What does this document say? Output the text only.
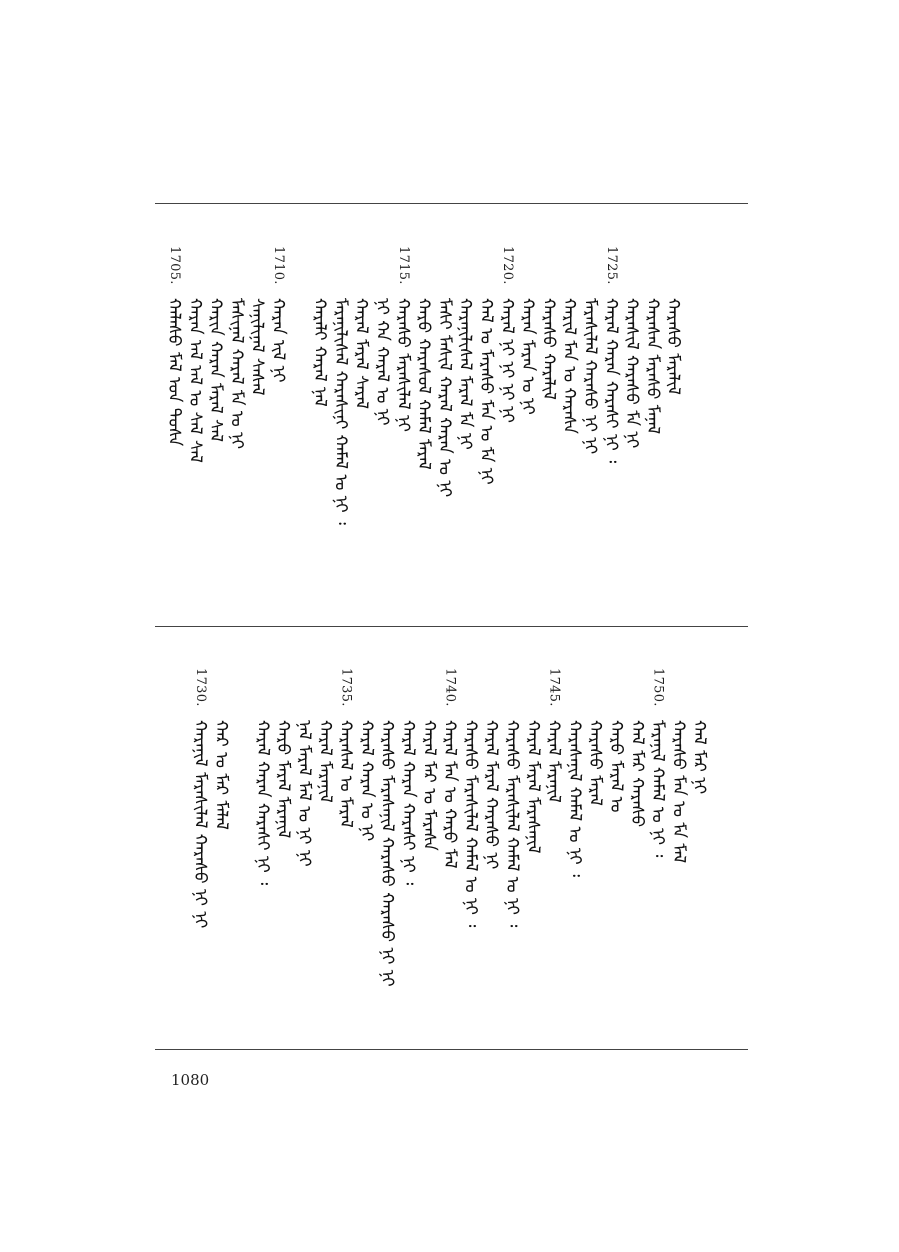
1705.
ᠬᠠᠯᠠᠰᠤ ᠮᠠᠯ ᠤᠨ ᠳᠤᠰᠠ ᠬᠠᠷᠠᠨ ᠠᠯ ᠠᠯ ᠤ ᠰᠠᠯ ᠰᠠᠯ ᠬᠠᠷᠢᠨ ᠬᠠᠷᠠᠨ ᠮᠠᠷᠠᠯ ᠰᠠᠯ ᠮᠠᠰᠢᠨᠠᠯ ᠬᠠᠷᠠᠯ ᠮᠠ ᠤ ᠨᠢ ᠰᠠᠨᠢᠯᠢᠨᠠᠯ ᠰᠠᠰᠠᠯ
1710.
ᠬᠠᠷᠠᠨ ᠢᠯ ᠨᠢ ᠬᠠᠷᠠᠯᠢ ᠬᠠᠷᠠᠯ ᠨᠠᠯ ᠮᠠᠷᠠᠨᠢᠯᠢᠰᠠᠯ ᠬᠠᠷᠠᠰᠢᠨᠢ ᠬᠠᠮᠠᠯ ᠤ ᠨᠢ ᠄ ᠬᠠᠷᠠᠯ ᠮᠠᠷᠠᠯ ᠰᠠᠷᠠᠯ ᠨᠢ ᠬᠠ ᠬᠠᠷᠠᠯ ᠤ ᠨᠢ
1715.
ᠬᠠᠷᠠᠰᠤ ᠮᠠᠷᠠᠰᠢᠯᠠᠯ ᠨᠢ ᠬᠠᠷᠤ ᠬᠠᠷᠠᠰᠤᠯ ᠬᠠᠮᠠᠯ ᠮᠠᠷᠠᠯ ᠮᠠᠰᠢ ᠮᠠᠰᠢᠯ ᠬᠠᠷᠠᠯ ᠬᠠᠷᠠᠨ ᠤ ᠨᠢ ᠬᠠᠷᠠᠨᠢᠯᠢᠰᠠᠯ ᠮᠠᠷᠠᠯ ᠮᠠ ᠨᠢ ᠬᠠᠯ ᠣ ᠮᠠᠷᠠᠰᠤ ᠮᠠᠨ ᠤ ᠮᠠ ᠨᠢ
1720.
ᠬᠠᠷᠠᠯ ᠨᠢ ᠨᠢ ᠨᠢ ᠨᠢ ᠬᠠᠷᠠᠨ ᠮᠠᠷᠠᠨ ᠤ ᠨᠢ ᠬᠠᠷᠠᠰᠤ ᠬᠠᠷᠠᠯᠢᠯ ᠬᠠᠷᠢᠯ ᠮᠠᠨ ᠤ ᠬᠠᠷᠠᠰᠠ ᠮᠠᠷᠠᠰᠢᠯᠠᠯ ᠬᠠᠷᠠᠰᠤ ᠨᠢ ᠨᠢ
1725.
ᠬᠠᠷᠠᠯ ᠬᠠᠷᠠᠨ ᠬᠠᠷᠠᠰᠢ ᠨᠢ ᠄ ᠬᠠᠷᠠᠰᠢᠯ ᠬᠠᠷᠠᠰᠤ ᠮᠠ ᠨᠢ ᠬᠠᠷᠠᠰᠠᠨ ᠮᠠᠷᠠᠰᠤ ᠮᠠᠨᠠᠯ ᠬᠠᠷᠠᠰᠤ ᠮᠠᠷᠠᠯᠢᠯ
1730.
ᠬᠠᠷᠠᠨᠢᠯ ᠮᠠᠷᠠᠰᠢᠯᠠᠯ ᠬᠠᠷᠠᠰᠤ ᠨᠢ ᠨᠢ ᠬᠠᠷ ᠤ ᠮᠠᠷ ᠮᠠᠯᠠᠯ ᠬᠠᠷᠠᠯ ᠬᠠᠷᠠᠨ ᠬᠠᠷᠠᠰᠢ ᠨᠢ ᠄ ᠬᠠᠷᠤ ᠮᠠᠷᠠᠯ ᠮᠠᠷᠠᠨᠢᠯ ᠨᠠᠯ ᠮᠠᠷᠠᠯ ᠮᠠᠯ ᠤ ᠨᠢ ᠨᠢ ᠬᠠᠷᠠᠯ ᠮᠠᠷᠠᠨᠢᠯ
1735.
ᠬᠠᠷᠠᠰᠠᠯ ᠤ ᠮᠠᠷᠠᠯ ᠬᠠᠷᠠᠯ ᠬᠠᠷᠠᠨ ᠤ ᠨᠢ ᠬᠠᠷᠠᠰᠤ ᠮᠠᠷᠠᠰᠠᠨᠢᠯ ᠬᠠᠷᠠᠰᠤ ᠬᠠᠷᠠᠰᠤ ᠨᠢ ᠨᠢ ᠬᠠᠷᠠᠯ ᠬᠠᠷᠠᠨ ᠬᠠᠷᠠᠰᠢ ᠨᠢ ᠄ ᠬᠠᠷᠠᠯ ᠮᠠᠷ ᠤ ᠮᠠᠷᠠᠰᠠ
1740.
ᠬᠠᠷᠠᠯ ᠮᠠᠨ ᠤ ᠬᠠᠷᠤ ᠮᠠᠯ ᠬᠠᠷᠠᠰᠤ ᠮᠠᠷᠠᠰᠢᠯᠠᠯ ᠬᠠᠮᠠᠯ ᠤ ᠨᠢ ᠄ ᠬᠠᠷᠠᠯ ᠮᠠᠷᠠᠯ ᠬᠠᠷᠠᠰᠤ ᠨᠢ ᠬᠠᠷᠠᠰᠤ ᠮᠠᠷᠠᠰᠢᠯᠠᠯ ᠬᠠᠮᠠᠯ ᠤ ᠨᠢ ᠄ ᠬᠠᠷᠠᠯ ᠮᠠᠷᠠᠯ ᠮᠠᠷᠠᠰᠠᠨᠢᠯ
1745.
ᠬᠠᠷᠠᠯ ᠮᠠᠷᠠᠨᠢᠯ ᠬᠠᠷᠠᠰᠠᠨᠢᠯ ᠬᠠᠮᠠᠯ ᠤ ᠨᠢ ᠄ ᠬᠠᠷᠠᠰᠤ ᠮᠠᠷᠠᠯ ᠬᠠᠷᠤ ᠮᠠᠷᠠᠯ ᠣ ᠬᠠᠯ ᠮᠠᠷ ᠬᠠᠷᠠᠰᠤ
1750.
ᠮᠠᠷᠠᠨᠢᠯ ᠬᠠᠮᠠᠯ ᠤ ᠨᠢ ᠄ ᠬᠠᠷᠠᠰᠤ ᠮᠠᠨ ᠤ ᠮᠠ ᠮᠠᠯ ᠬᠠᠯ ᠮᠠᠷ ᠨᠢ
1080
